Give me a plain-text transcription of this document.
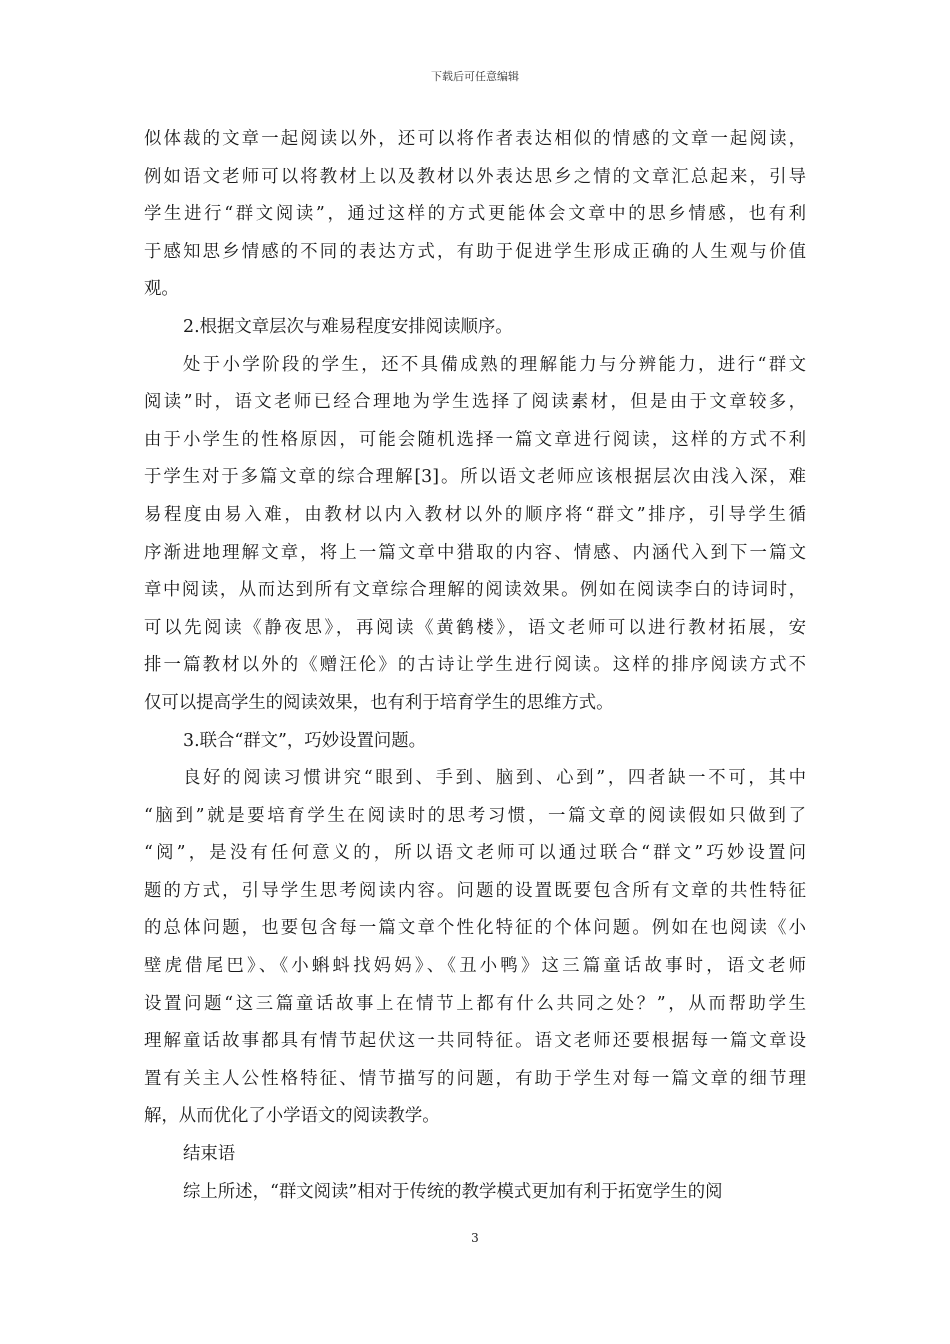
下载后可任意编辑
似体裁的文章一起阅读以外，还可以将作者表达相似的情感的文章一起阅读，
例如语文老师可以将教材上以及教材以外表达思乡之情的文章汇总起来，引导
学生进行“群文阅读”，通过这样的方式更能体会文章中的思乡情感，也有利
于感知思乡情感的不同的表达方式，有助于促进学生形成正确的人生观与价值
观。
2.根据文章层次与难易程度安排阅读顺序。
处于小学阶段的学生，还不具備成熟的理解能力与分辨能力，进行“群文
阅读”时，语文老师已经合理地为学生选择了阅读素材，但是由于文章较多，
由于小学生的性格原因，可能会随机选择一篇文章进行阅读，这样的方式不利
于学生对于多篇文章的综合理解[3]。所以语文老师应该根据层次由浅入深，难
易程度由易入难，由教材以内入教材以外的顺序将“群文”排序，引导学生循
序渐进地理解文章，将上一篇文章中猎取的内容、情感、内涵代入到下一篇文
章中阅读，从而达到所有文章综合理解的阅读效果。例如在阅读李白的诗词时，
可以先阅读《静夜思》，再阅读《黄鹤楼》，语文老师可以进行教材拓展，安
排一篇教材以外的《赠汪伦》的古诗让学生进行阅读。这样的排序阅读方式不
仅可以提高学生的阅读效果，也有利于培育学生的思维方式。
3.联合“群文”，巧妙设置问题。
良好的阅读习惯讲究“眼到、手到、脑到、心到”，四者缺一不可，其中
“脑到”就是要培育学生在阅读时的思考习惯，一篇文章的阅读假如只做到了
“阅”，是没有任何意义的，所以语文老师可以通过联合“群文”巧妙设置问
题的方式，引导学生思考阅读内容。问题的设置既要包含所有文章的共性特征
的总体问题，也要包含每一篇文章个性化特征的个体问题。例如在也阅读《小
壁虎借尾巴》、《小蝌蚪找妈妈》、《丑小鸭》这三篇童话故事时，语文老师
设置问题“这三篇童话故事上在情节上都有什么共同之处？”，从而帮助学生
理解童话故事都具有情节起伏这一共同特征。语文老师还要根据每一篇文章设
置有关主人公性格特征、情节描写的问题，有助于学生对每一篇文章的细节理
解，从而优化了小学语文的阅读教学。
结束语
综上所述，“群文阅读”相对于传统的教学模式更加有利于拓宽学生的阅
3
